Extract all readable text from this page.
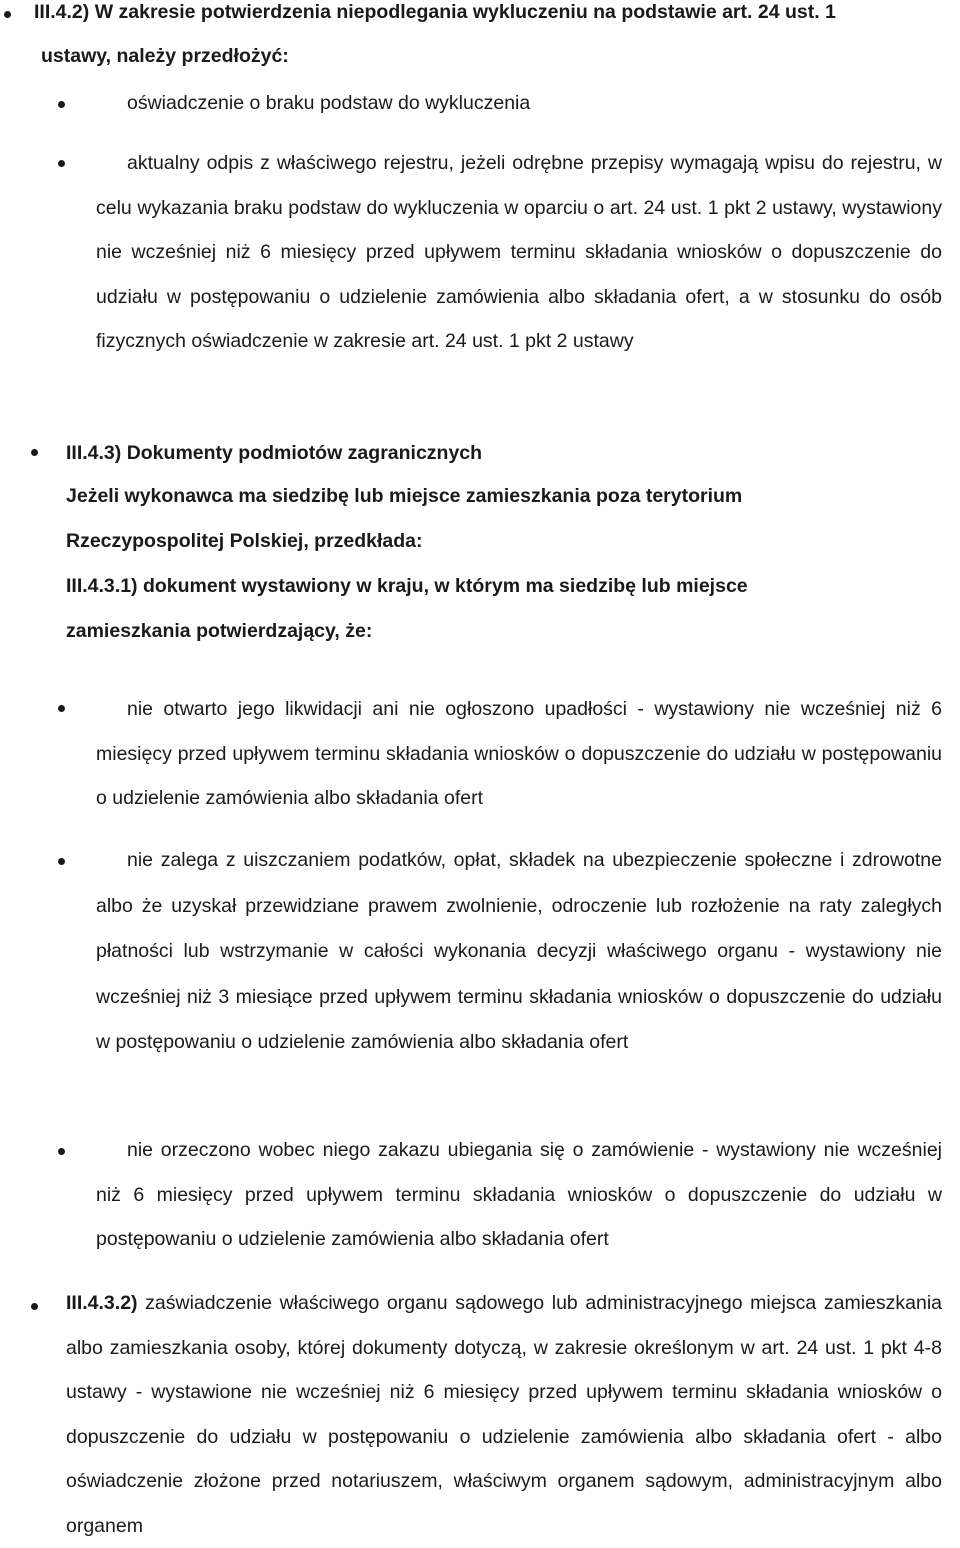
III.4.2) W zakresie potwierdzenia niepodlegania wykluczeniu na podstawie art. 24 ust. 1
ustawy, należy przedłożyć:
oświadczenie o braku podstaw do wykluczenia
aktualny odpis z właściwego rejestru, jeżeli odrębne przepisy wymagają wpisu do rejestru, w celu wykazania braku podstaw do wykluczenia w oparciu o art. 24 ust. 1 pkt 2 ustawy, wystawiony nie wcześniej niż 6 miesięcy przed upływem terminu składania wniosków o dopuszczenie do udziału w postępowaniu o udzielenie zamówienia albo składania ofert, a w stosunku do osób fizycznych oświadczenie w zakresie art. 24 ust. 1 pkt 2 ustawy
III.4.3) Dokumenty podmiotów zagranicznych
Jeżeli wykonawca ma siedzibę lub miejsce zamieszkania poza terytorium Rzeczypospolitej Polskiej, przedkłada:
III.4.3.1) dokument wystawiony w kraju, w którym ma siedzibę lub miejsce zamieszkania potwierdzający, że:
nie otwarto jego likwidacji ani nie ogłoszono upadłości - wystawiony nie wcześniej niż 6 miesięcy przed upływem terminu składania wniosków o dopuszczenie do udziału w postępowaniu o udzielenie zamówienia albo składania ofert
nie zalega z uiszczaniem podatków, opłat, składek na ubezpieczenie społeczne i zdrowotne albo że uzyskał przewidziane prawem zwolnienie, odroczenie lub rozłożenie na raty zaległych płatności lub wstrzymanie w całości wykonania decyzji właściwego organu - wystawiony nie wcześniej niż 3 miesiące przed upływem terminu składania wniosków o dopuszczenie do udziału w postępowaniu o udzielenie zamówienia albo składania ofert
nie orzeczono wobec niego zakazu ubiegania się o zamówienie - wystawiony nie wcześniej niż 6 miesięcy przed upływem terminu składania wniosków o dopuszczenie do udziału w postępowaniu o udzielenie zamówienia albo składania ofert
III.4.3.2) zaświadczenie właściwego organu sądowego lub administracyjnego miejsca zamieszkania albo zamieszkania osoby, której dokumenty dotyczą, w zakresie określonym w art. 24 ust. 1 pkt 4-8 ustawy - wystawione nie wcześniej niż 6 miesięcy przed upływem terminu składania wniosków o dopuszczenie do udziału w postępowaniu o udzielenie zamówienia albo składania ofert - albo oświadczenie złożone przed notariuszem, właściwym organem sądowym, administracyjnym albo organem
